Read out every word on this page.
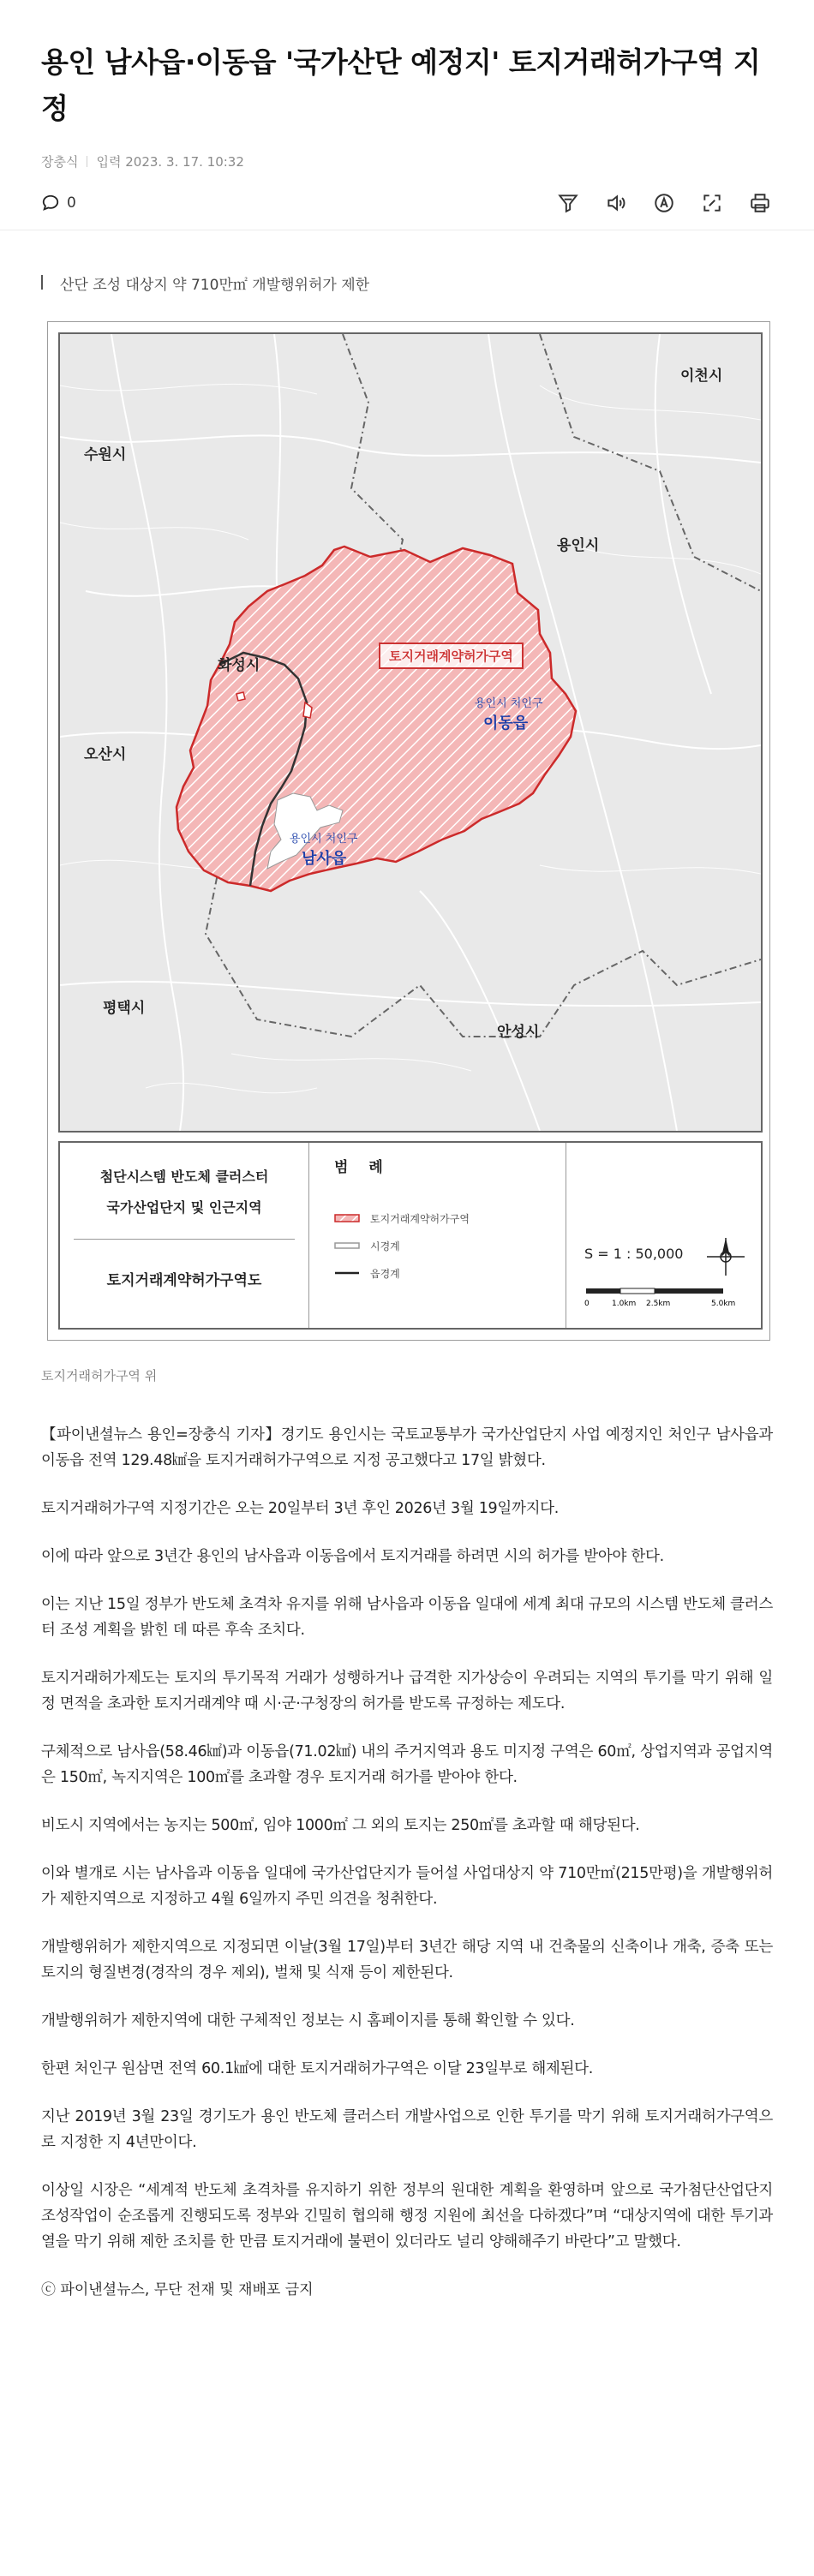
용인 남사읍·이동읍 '국가산단 예정지' 토지거래허가구역 지정
장충식 입력 2023. 3. 17. 10:32
0
산단 조성 대상지 약 710만㎡ 개발행위허가 제한
이천시
수원시
용인시
화성시
오산시
평택시
안성시
용인시 처인구
이동읍
용인시 처인구
남사읍
토지거래계약허가구역
첨단시스템 반도체 클러스터
국가산업단지 및 인근지역
토지거래계약허가구역도
범례
토지거래계약허가구역
시경계
읍경계
S = 1 : 50,000
0	1.0km 2.5km	5.0km
토지거래허가구역 위

【파이낸셜뉴스 용인=장충식 기자】경기도 용인시는 국토교통부가 국가산업단지 사업 예정지인 처인구 남사읍과 이동읍 전역 129.48㎢을 토지거래허가구역으로 지정 공고했다고 17일 밝혔다.

토지거래허가구역 지정기간은 오는 20일부터 3년 후인 2026년 3월 19일까지다.

이에 따라 앞으로 3년간 용인의 남사읍과 이동읍에서 토지거래를 하려면 시의 허가를 받아야 한다.

이는 지난 15일 정부가 반도체 초격차 유지를 위해 남사읍과 이동읍 일대에 세계 최대 규모의 시스템 반도체 클러스터 조성 계획을 밝힌 데 따른 후속 조치다.

토지거래허가제도는 토지의 투기목적 거래가 성행하거나 급격한 지가상승이 우려되는 지역의 투기를 막기 위해 일정 면적을 초과한 토지거래계약 때 시·군·구청장의 허가를 받도록 규정하는 제도다.

구체적으로 남사읍(58.46㎢)과 이동읍(71.02㎢) 내의 주거지역과 용도 미지정 구역은 60㎡, 상업지역과 공업지역은 150㎡, 녹지지역은 100㎡를 초과할 경우 토지거래 허가를 받아야 한다.

비도시 지역에서는 농지는 500㎡, 임야 1000㎡ 그 외의 토지는 250㎡를 초과할 때 해당된다.

이와 별개로 시는 남사읍과 이동읍 일대에 국가산업단지가 들어설 사업대상지 약 710만㎡(215만평)을 개발행위허가 제한지역으로 지정하고 4월 6일까지 주민 의견을 청취한다.

개발행위허가 제한지역으로 지정되면 이날(3월 17일)부터 3년간 해당 지역 내 건축물의 신축이나 개축, 증축 또는 토지의 형질변경(경작의 경우 제외), 벌채 및 식재 등이 제한된다.

개발행위허가 제한지역에 대한 구체적인 정보는 시 홈페이지를 통해 확인할 수 있다.

한편 처인구 원삼면 전역 60.1㎢에 대한 토지거래허가구역은 이달 23일부로 해제된다.

지난 2019년 3월 23일 경기도가 용인 반도체 클러스터 개발사업으로 인한 투기를 막기 위해 토지거래허가구역으로 지정한 지 4년만이다.

이상일 시장은 “세계적 반도체 초격차를 유지하기 위한 정부의 원대한 계획을 환영하며 앞으로 국가첨단산업단지 조성작업이 순조롭게 진행되도록 정부와 긴밀히 협의해 행정 지원에 최선을 다하겠다”며 “대상지역에 대한 투기과열을 막기 위해 제한 조치를 한 만큼 토지거래에 불편이 있더라도 널리 양해해주기 바란다”고 말했다.

ⓒ 파이낸셜뉴스, 무단 전재 및 재배포 금지
